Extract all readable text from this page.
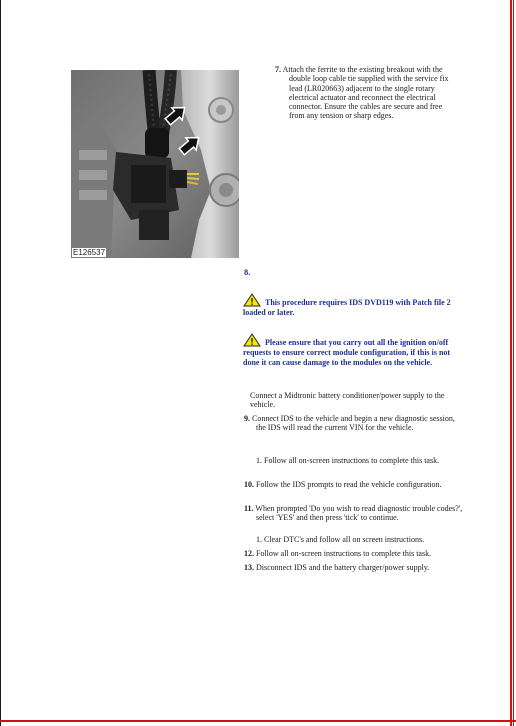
E126537
7. Attach the ferrite to the existing breakout with the double loop cable tie supplied with the service fix lead (LR020663) adjacent to the single rotary electrical actuator and reconnect the electrical connector. Ensure the cables are secure and free from any tension or sharp edges.
8.
This procedure requires IDS DVD119 with Patch file 2 loaded or later.
Please ensure that you carry out all the ignition on/off requests to ensure correct module configuration, if this is not done it can cause damage to the modules on the vehicle.
Connect a Midtronic battery conditioner/power supply to the vehicle.
9. Connect IDS to the vehicle and begin a new diagnostic session, the IDS will read the current VIN for the vehicle.
1. Follow all on-screen instructions to complete this task.
10. Follow the IDS prompts to read the vehicle configuration.
11. When prompted 'Do you wish to read diagnostic trouble codes?', select 'YES' and then press 'tick' to continue.
1. Clear DTC's and follow all on screen instructions.
12. Follow all on-screen instructions to complete this task.
13. Disconnect IDS and the battery charger/power supply.
